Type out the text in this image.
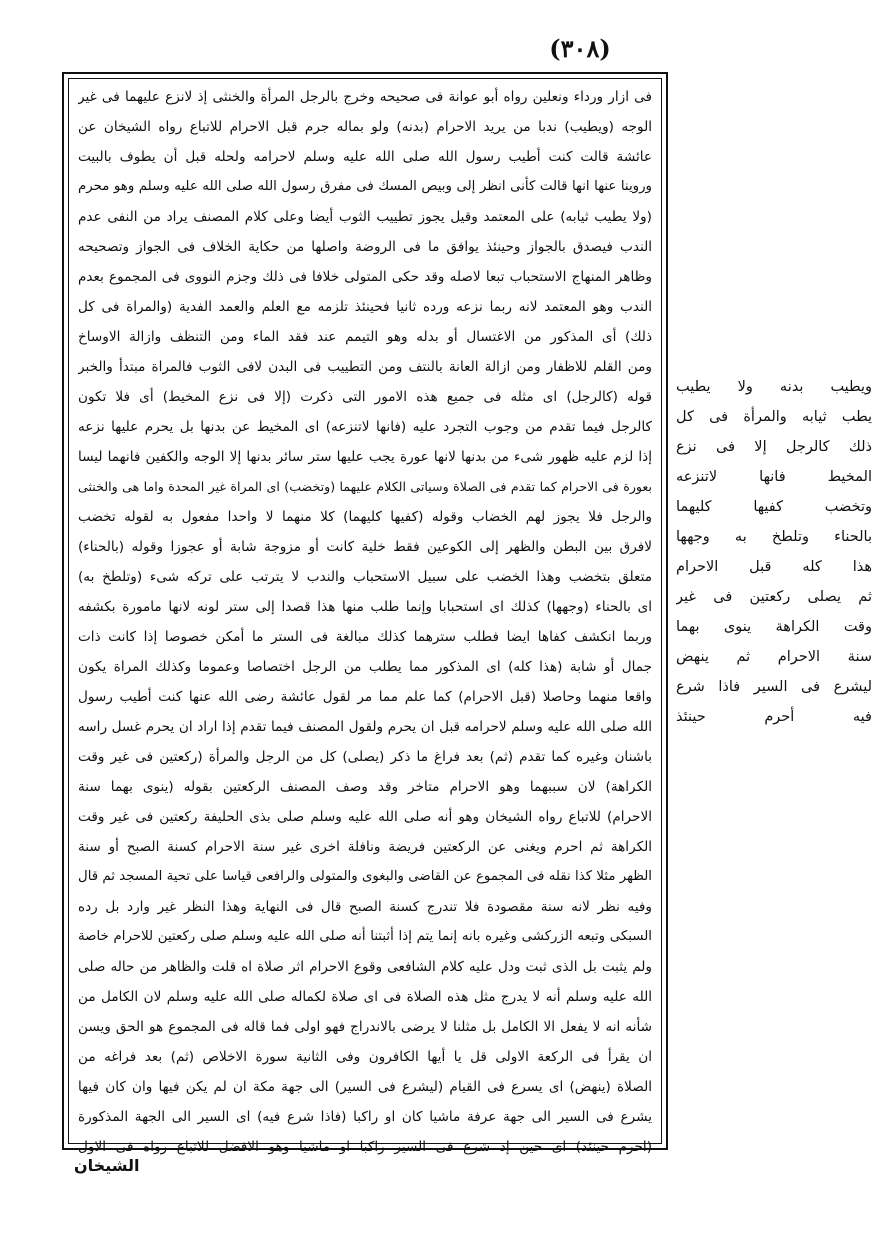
(٣٠٨)
ويطيب بدنه ولا يطيب
يطب ثيابه والمرأة فى كل
ذلك كالرجل إلا فى نزع
المخيط فانها لاتنزعه
وتخضب كفيها كليهما
بالحناء وتلطخ به وجهها
هذا كله قبل الاحرام
ثم يصلى ركعتين فى غير
وقت الكراهة ينوى بهما
سنة الاحرام ثم ينهض
ليشرع فى السير فاذا شرع
فيه أحرم حينئذ
فى ازار ورداء ونعلين رواه أبو عوانة فى صحيحه وخرج بالرجل المرأة والخنثى إذ لانزع عليهما فى غير
الوجه (ويطيب) ندبا من يريد الاحرام (بدنه) ولو بماله جرم قبل الاحرام للاتباع رواه الشيخان عن
عائشة قالت كنت أطيب رسول الله صلى الله عليه وسلم لاحرامه ولحله قبل أن يطوف بالبيت
وروينا عنها انها قالت كأنى انظر إلى وبيص المسك فى مفرق رسول الله صلى الله عليه وسلم وهو محرم
(ولا يطيب ثيابه) على المعتمد وقيل يجوز تطييب الثوب أيضا وعلى كلام المصنف يراد من النفى عدم
الندب فيصدق بالجواز وحينئذ يوافق ما فى الروضة واصلها من حكاية الخلاف فى الجواز وتصحيحه
وظاهر المنهاج الاستحباب تبعا لاصله وقد حكى المتولى خلافا فى ذلك وجزم النووى فى المجموع بعدم
الندب وهو المعتمد لانه ربما نزعه ورده ثانيا فحينئذ تلزمه مع العلم والعمد الفدية (والمراة فى كل
ذلك) أى المذكور من الاغتسال أو بدله وهو التيمم عند فقد الماء ومن التنظف وازالة الاوساخ
ومن القلم للاظفار ومن ازالة العانة بالنتف ومن التطييب فى البدن لافى الثوب فالمراة مبتدأ والخبر
قوله (كالرجل) اى مثله فى جميع هذه الامور التى ذكرت (إلا فى نزع المخيط) أى فلا تكون
كالرجل فيما تقدم من وجوب التجرد عليه (فانها لاتنزعه) اى المخيط عن بدنها بل يحرم عليها نزعه
إذا لزم عليه ظهور شىء من بدنها لانها عورة يجب عليها ستر سائر بدنها إلا الوجه والكفين فانهما ليسا
بعورة فى الاحرام كما تقدم فى الصلاة وسياتى الكلام عليهما (وتخضب) اى المراة غير المحدة واما هى والخنثى
والرجل فلا يجوز لهم الخضاب وقوله (كفيها كليهما) كلا منهما لا واحدا مفعول به لقوله تخضب
لافرق بين البطن والظهر إلى الكوعين فقط خلية كانت أو مزوجة شابة أو عجوزا وقوله (بالحناء)
متعلق بتخضب وهذا الخضب على سبيل الاستحباب والندب لا يترتب على تركه شىء (وتلطخ به)
اى بالحناء (وجهها) كذلك اى استحبابا وإنما طلب منها هذا قصدا إلى ستر لونه لانها مامورة بكشفه
وربما انكشف كفاها ايضا فطلب سترهما كذلك مبالغة فى الستر ما أمكن خصوصا إذا كانت ذات
جمال أو شابة (هذا كله) اى المذكور مما يطلب من الرجل اختصاصا وعموما وكذلك المراة يكون
واقعا منهما وحاصلا (قبل الاحرام) كما علم مما مر لقول عائشة رضى الله عنها كنت أطيب رسول
الله صلى الله عليه وسلم لاحرامه قبل ان يحرم ولقول المصنف فيما تقدم إذا اراد ان يحرم غسل راسه
باشنان وغيره كما تقدم (ثم) بعد فراغ ما ذكر (يصلى) كل من الرجل والمرأة (ركعتين فى غير وقت
الكراهة) لان سببهما وهو الاحرام متاخر وقد وصف المصنف الركعتين بقوله (ينوى بهما سنة
الاحرام) للاتباع رواه الشيخان وهو أنه صلى الله عليه وسلم صلى بذى الحليفة ركعتين فى غير وقت
الكراهة ثم احرم ويغنى عن الركعتين فريضة ونافلة اخرى غير سنة الاحرام كسنة الصبح أو سنة
الظهر مثلا كذا نقله فى المجموع عن القاضى والبغوى والمتولى والرافعى قياسا على تحية المسجد ثم قال
وفيه نظر لانه سنة مقصودة فلا تندرج كسنة الصبح قال فى النهاية وهذا النظر غير وارد بل رده
السبكى وتبعه الزركشى وغيره بانه إنما يتم إذا أثبتنا أنه صلى الله عليه وسلم صلى ركعتين للاحرام خاصة
ولم يثبت بل الذى ثبت ودل عليه كلام الشافعى وقوع الاحرام اثر صلاة اه قلت والظاهر من حاله صلى
الله عليه وسلم أنه لا يدرج مثل هذه الصلاة فى اى صلاة لكماله صلى الله عليه وسلم لان الكامل من
شأنه انه لا يفعل الا الكامل بل مثلنا لا يرضى بالاندراج فهو اولى فما قاله فى المجموع هو الحق ويسن
ان يقرأ فى الركعة الاولى قل يا أيها الكافرون وفى الثانية سورة الاخلاص (ثم) بعد فراغه من
الصلاة (ينهض) اى يسرع فى القيام (ليشرع فى السير) الى جهة مكة ان لم يكن فيها وان كان فيها
يشرع فى السير الى جهة عرفة ماشيا كان او راكبا (فاذا شرع فيه) اى السير الى الجهة المذكورة
(احرم حينئذ) اى حين إذ شرع فى السير راكبا او ماشيا وهو الافضل للاتباع رواه فى الاول
الشيخان
